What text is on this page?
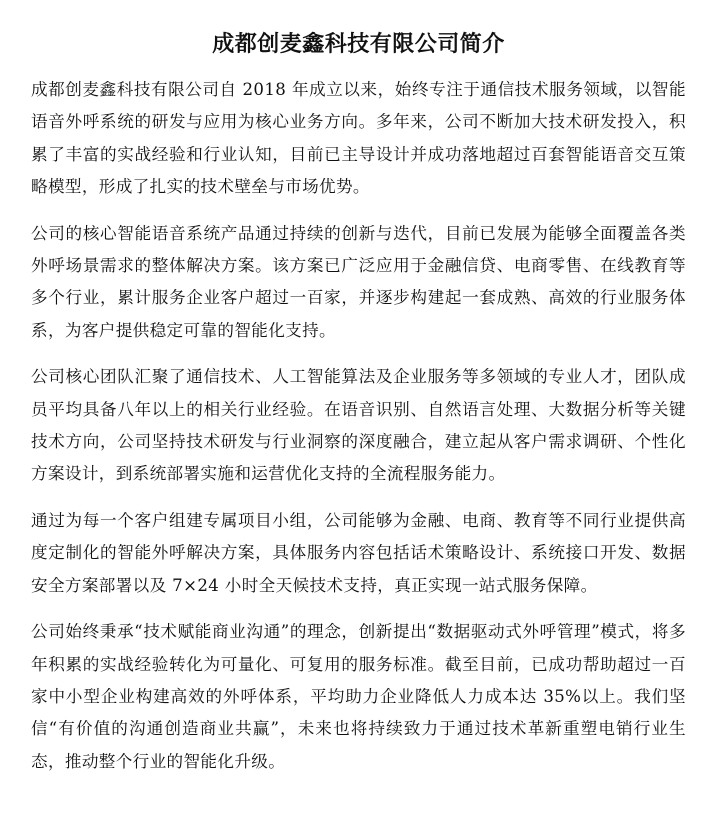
成都创麦鑫科技有限公司简介

成都创麦鑫科技有限公司自 2018 年成立以来，始终专注于通信技术服务领域，以智能语音外呼系统的研发与应用为核心业务方向。多年来，公司不断加大技术研发投入，积累了丰富的实战经验和行业认知，目前已主导设计并成功落地超过百套智能语音交互策略模型，形成了扎实的技术壁垒与市场优势。

公司的核心智能语音系统产品通过持续的创新与迭代，目前已发展为能够全面覆盖各类外呼场景需求的整体解决方案。该方案已广泛应用于金融信贷、电商零售、在线教育等多个行业，累计服务企业客户超过一百家，并逐步构建起一套成熟、高效的行业服务体系，为客户提供稳定可靠的智能化支持。

公司核心团队汇聚了通信技术、人工智能算法及企业服务等多领域的专业人才，团队成员平均具备八年以上的相关行业经验。在语音识别、自然语言处理、大数据分析等关键技术方向，公司坚持技术研发与行业洞察的深度融合，建立起从客户需求调研、个性化方案设计，到系统部署实施和运营优化支持的全流程服务能力。

通过为每一个客户组建专属项目小组，公司能够为金融、电商、教育等不同行业提供高度定制化的智能外呼解决方案，具体服务内容包括话术策略设计、系统接口开发、数据安全方案部署以及 7×24 小时全天候技术支持，真正实现一站式服务保障。

公司始终秉承“技术赋能商业沟通”的理念，创新提出“数据驱动式外呼管理”模式，将多年积累的实战经验转化为可量化、可复用的服务标准。截至目前，已成功帮助超过一百家中小型企业构建高效的外呼体系，平均助力企业降低人力成本达 35%以上。我们坚信“有价值的沟通创造商业共赢”，未来也将持续致力于通过技术革新重塑电销行业生态，推动整个行业的智能化升级。
